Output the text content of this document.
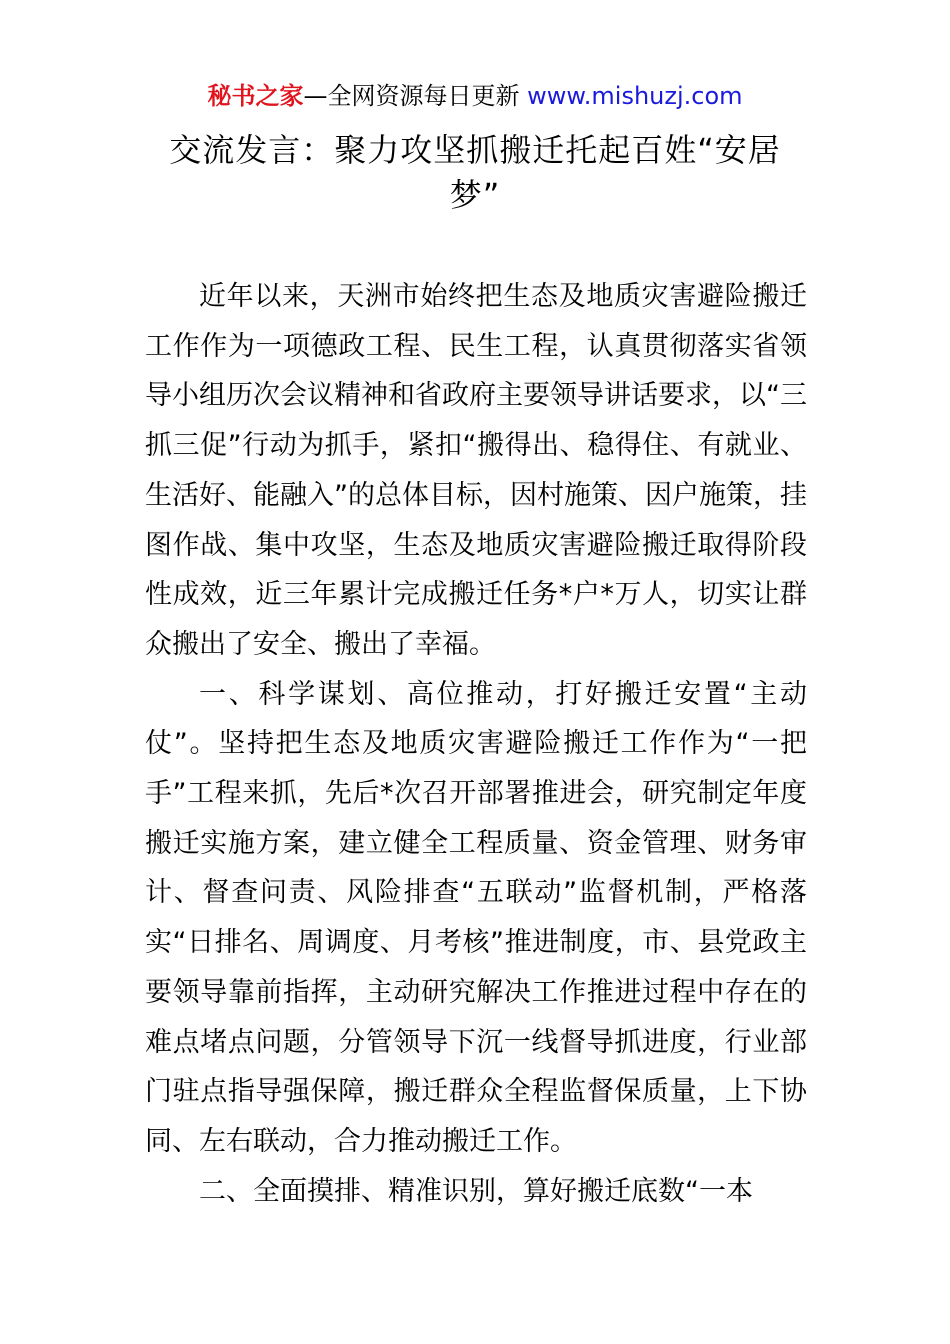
秘书之家—全网资源每日更新 www.mishuzj.com
交流发言：聚力攻坚抓搬迁托起百姓“安居梦”

近年以来，天洲市始终把生态及地质灾害避险搬迁工作作为一项德政工程、民生工程，认真贯彻落实省领导小组历次会议精神和省政府主要领导讲话要求，以“三抓三促”行动为抓手，紧扣“搬得出、稳得住、有就业、生活好、能融入”的总体目标，因村施策、因户施策，挂图作战、集中攻坚，生态及地质灾害避险搬迁取得阶段性成效，近三年累计完成搬迁任务*户*万人，切实让群众搬出了安全、搬出了幸福。

一、科学谋划、高位推动，打好搬迁安置“主动仗”。坚持把生态及地质灾害避险搬迁工作作为“一把手”工程来抓，先后*次召开部署推进会，研究制定年度搬迁实施方案，建立健全工程质量、资金管理、财务审计、督查问责、风险排查“五联动”监督机制，严格落实“日排名、周调度、月考核”推进制度，市、县党政主要领导靠前指挥，主动研究解决工作推进过程中存在的难点堵点问题，分管领导下沉一线督导抓进度，行业部门驻点指导强保障，搬迁群众全程监督保质量，上下协同、左右联动，合力推动搬迁工作。

二、全面摸排、精准识别，算好搬迁底数“一本
